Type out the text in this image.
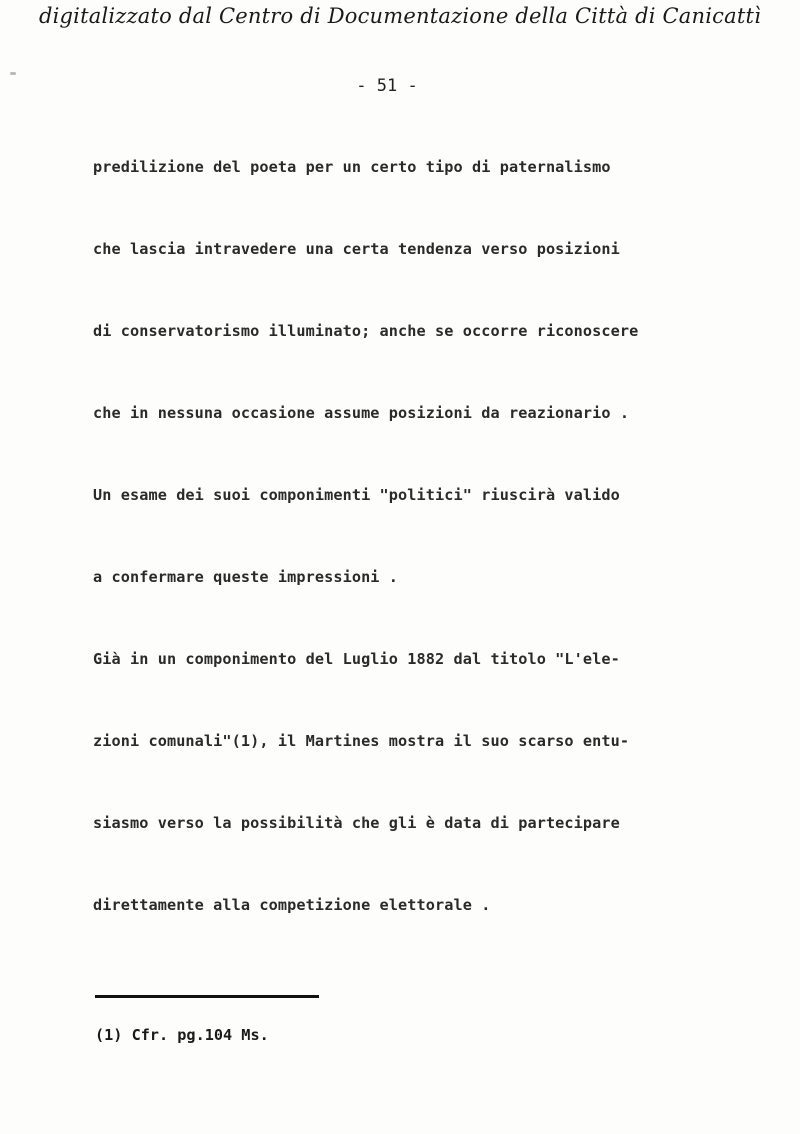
digitalizzato dal Centro di Documentazione della Città di Canicattì
- 51 -
predilizione del poeta per un certo tipo di paternalismo
che lascia intravedere una certa tendenza verso posizioni
di conservatorismo illuminato; anche se occorre riconoscere
che in nessuna occasione assume posizioni da reazionario .
Un esame dei suoi componimenti "politici" riuscirà valido
a confermare queste impressioni .
Già in un componimento del Luglio 1882 dal titolo "L'ele-
zioni comunali"(1), il Martines mostra il suo scarso entu-
siasmo verso la possibilità che gli è data di partecipare
direttamente alla competizione elettorale .
(1) Cfr. pg.104 Ms.
